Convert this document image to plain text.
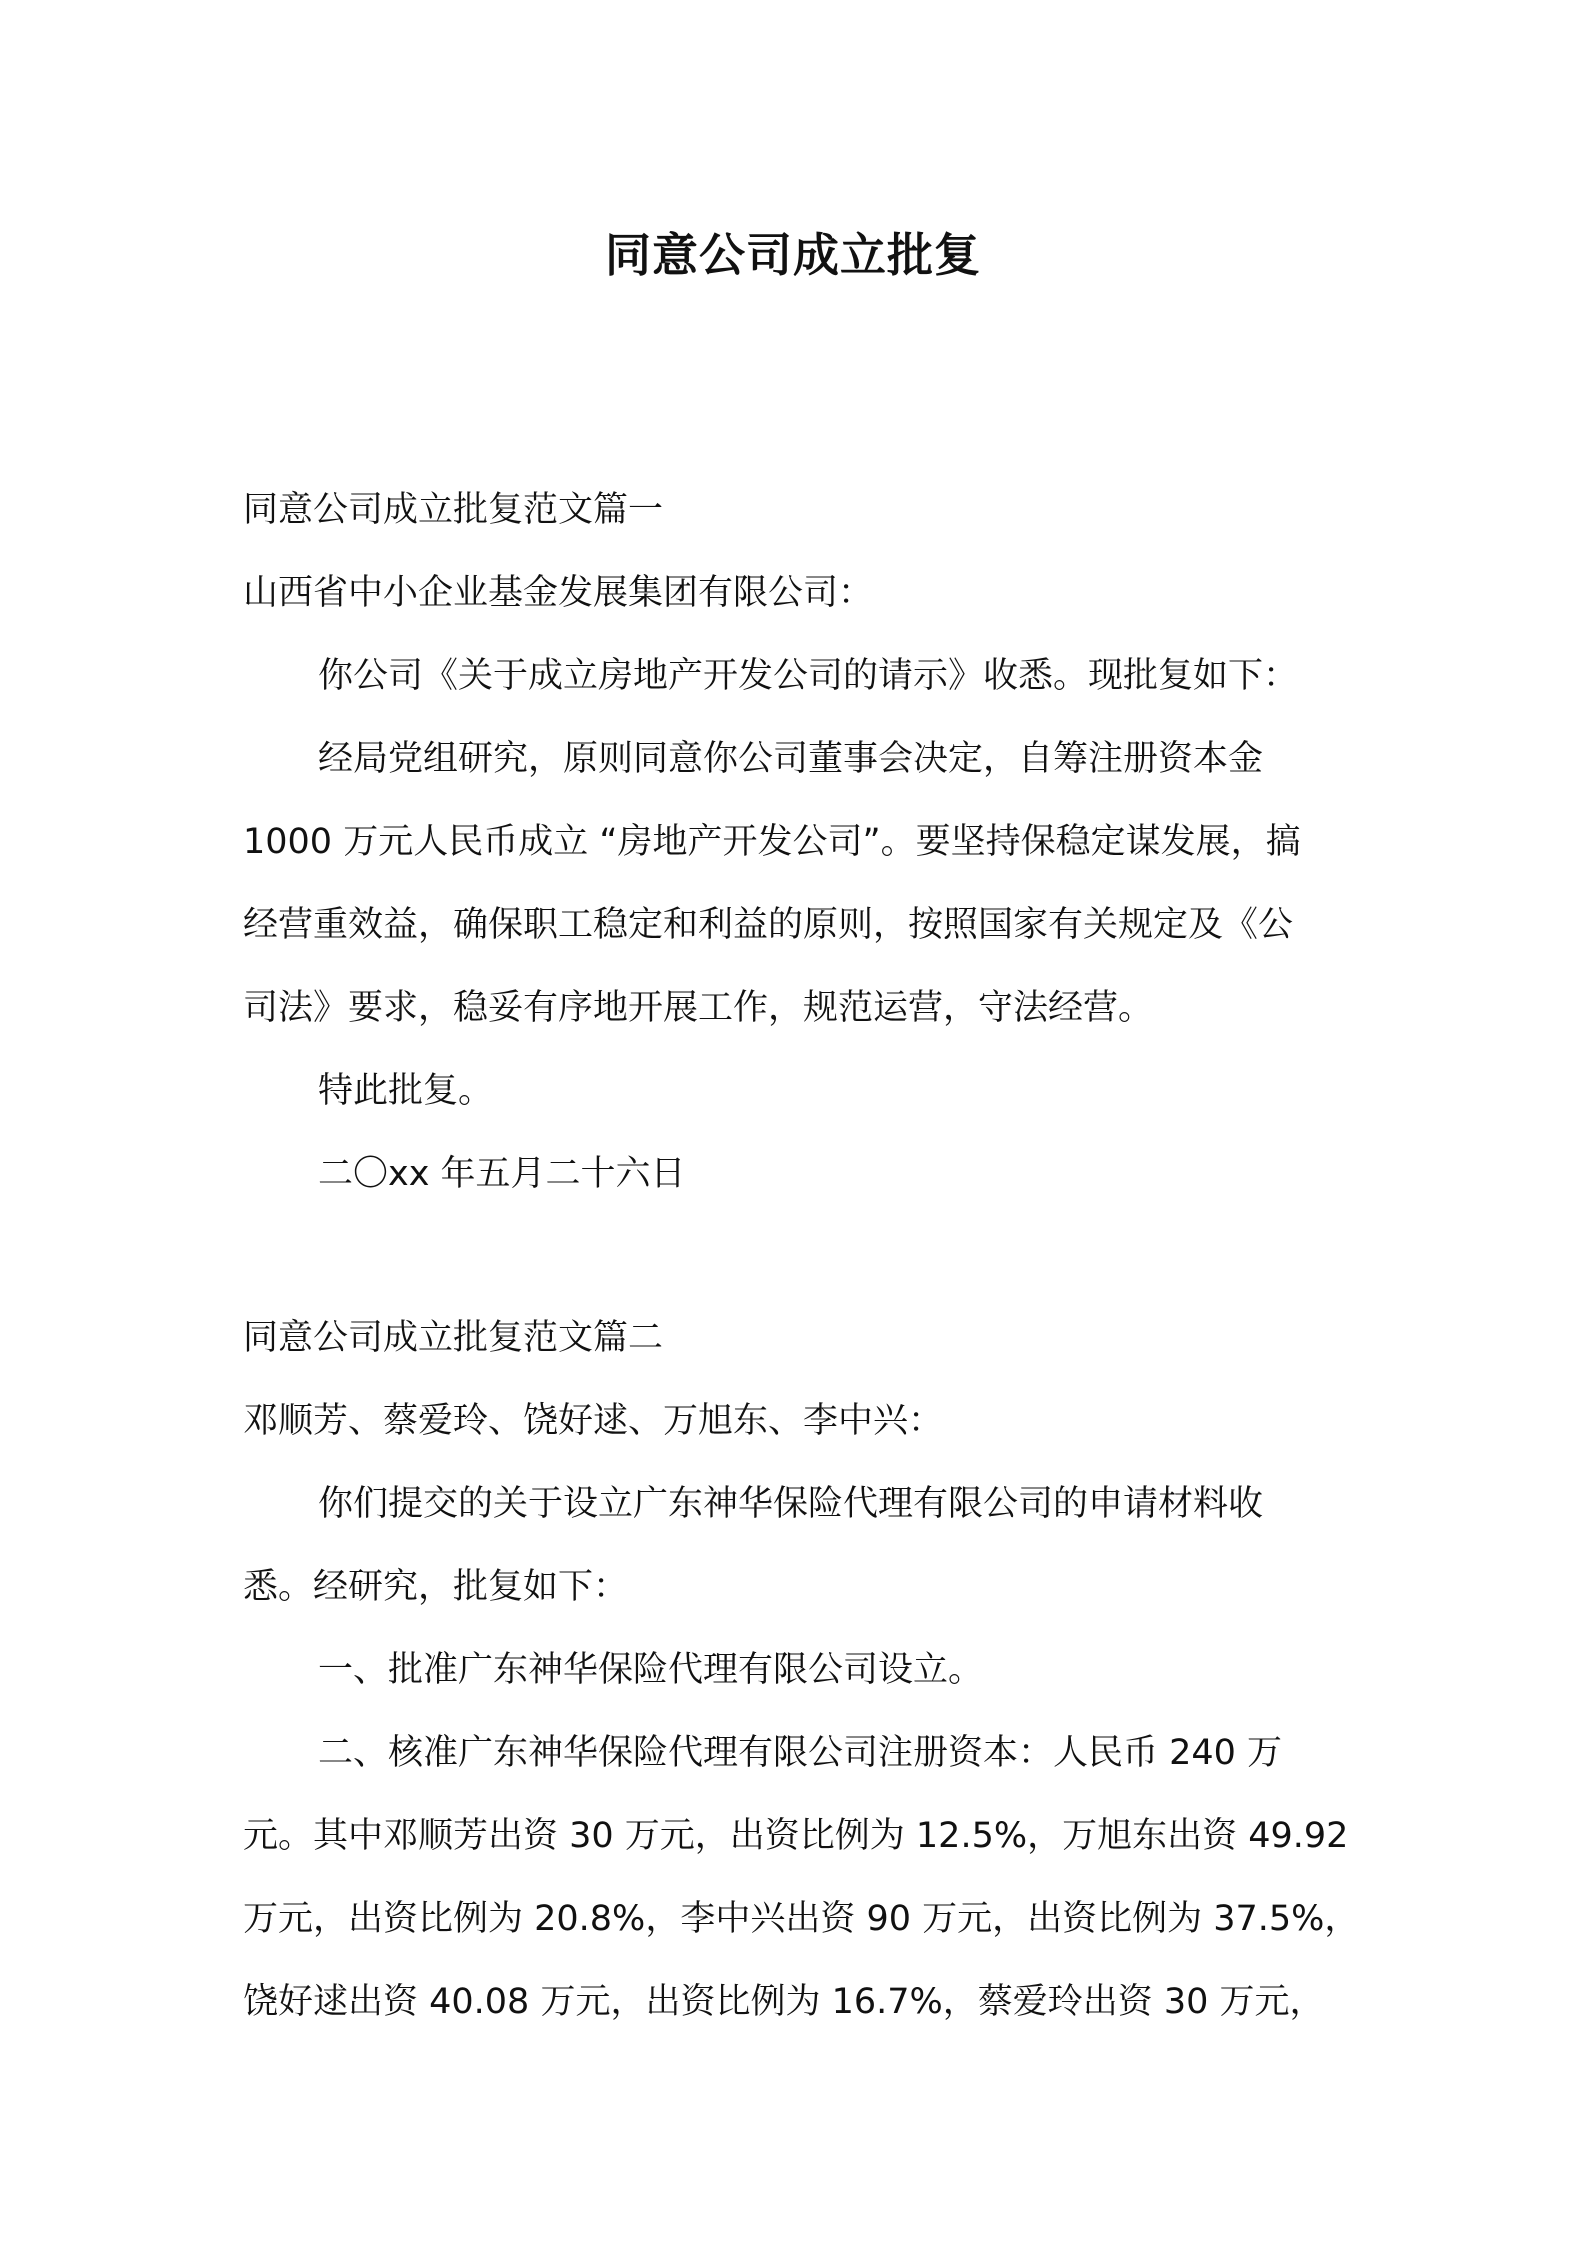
同意公司成立批复
同意公司成立批复范文篇一
山西省中小企业基金发展集团有限公司：
你公司《关于成立房地产开发公司的请示》收悉。现批复如下：
经局党组研究，原则同意你公司董事会决定，自筹注册资本金
1000 万元人民币成立 “房地产开发公司”。要坚持保稳定谋发展，搞
经营重效益，确保职工稳定和利益的原则，按照国家有关规定及《公
司法》要求，稳妥有序地开展工作，规范运营，守法经营。
特此批复。
二〇xx 年五月二十六日
同意公司成立批复范文篇二
邓顺芳、蔡爱玲、饶好逑、万旭东、李中兴：
你们提交的关于设立广东神华保险代理有限公司的申请材料收
悉。经研究，批复如下：
一、批准广东神华保险代理有限公司设立。
二、核准广东神华保险代理有限公司注册资本：人民币 240 万
元。其中邓顺芳出资 30 万元，出资比例为 12.5%，万旭东出资 49.92
万元，出资比例为 20.8%，李中兴出资 90 万元，出资比例为 37.5%，
饶好逑出资 40.08 万元，出资比例为 16.7%，蔡爱玲出资 30 万元，
